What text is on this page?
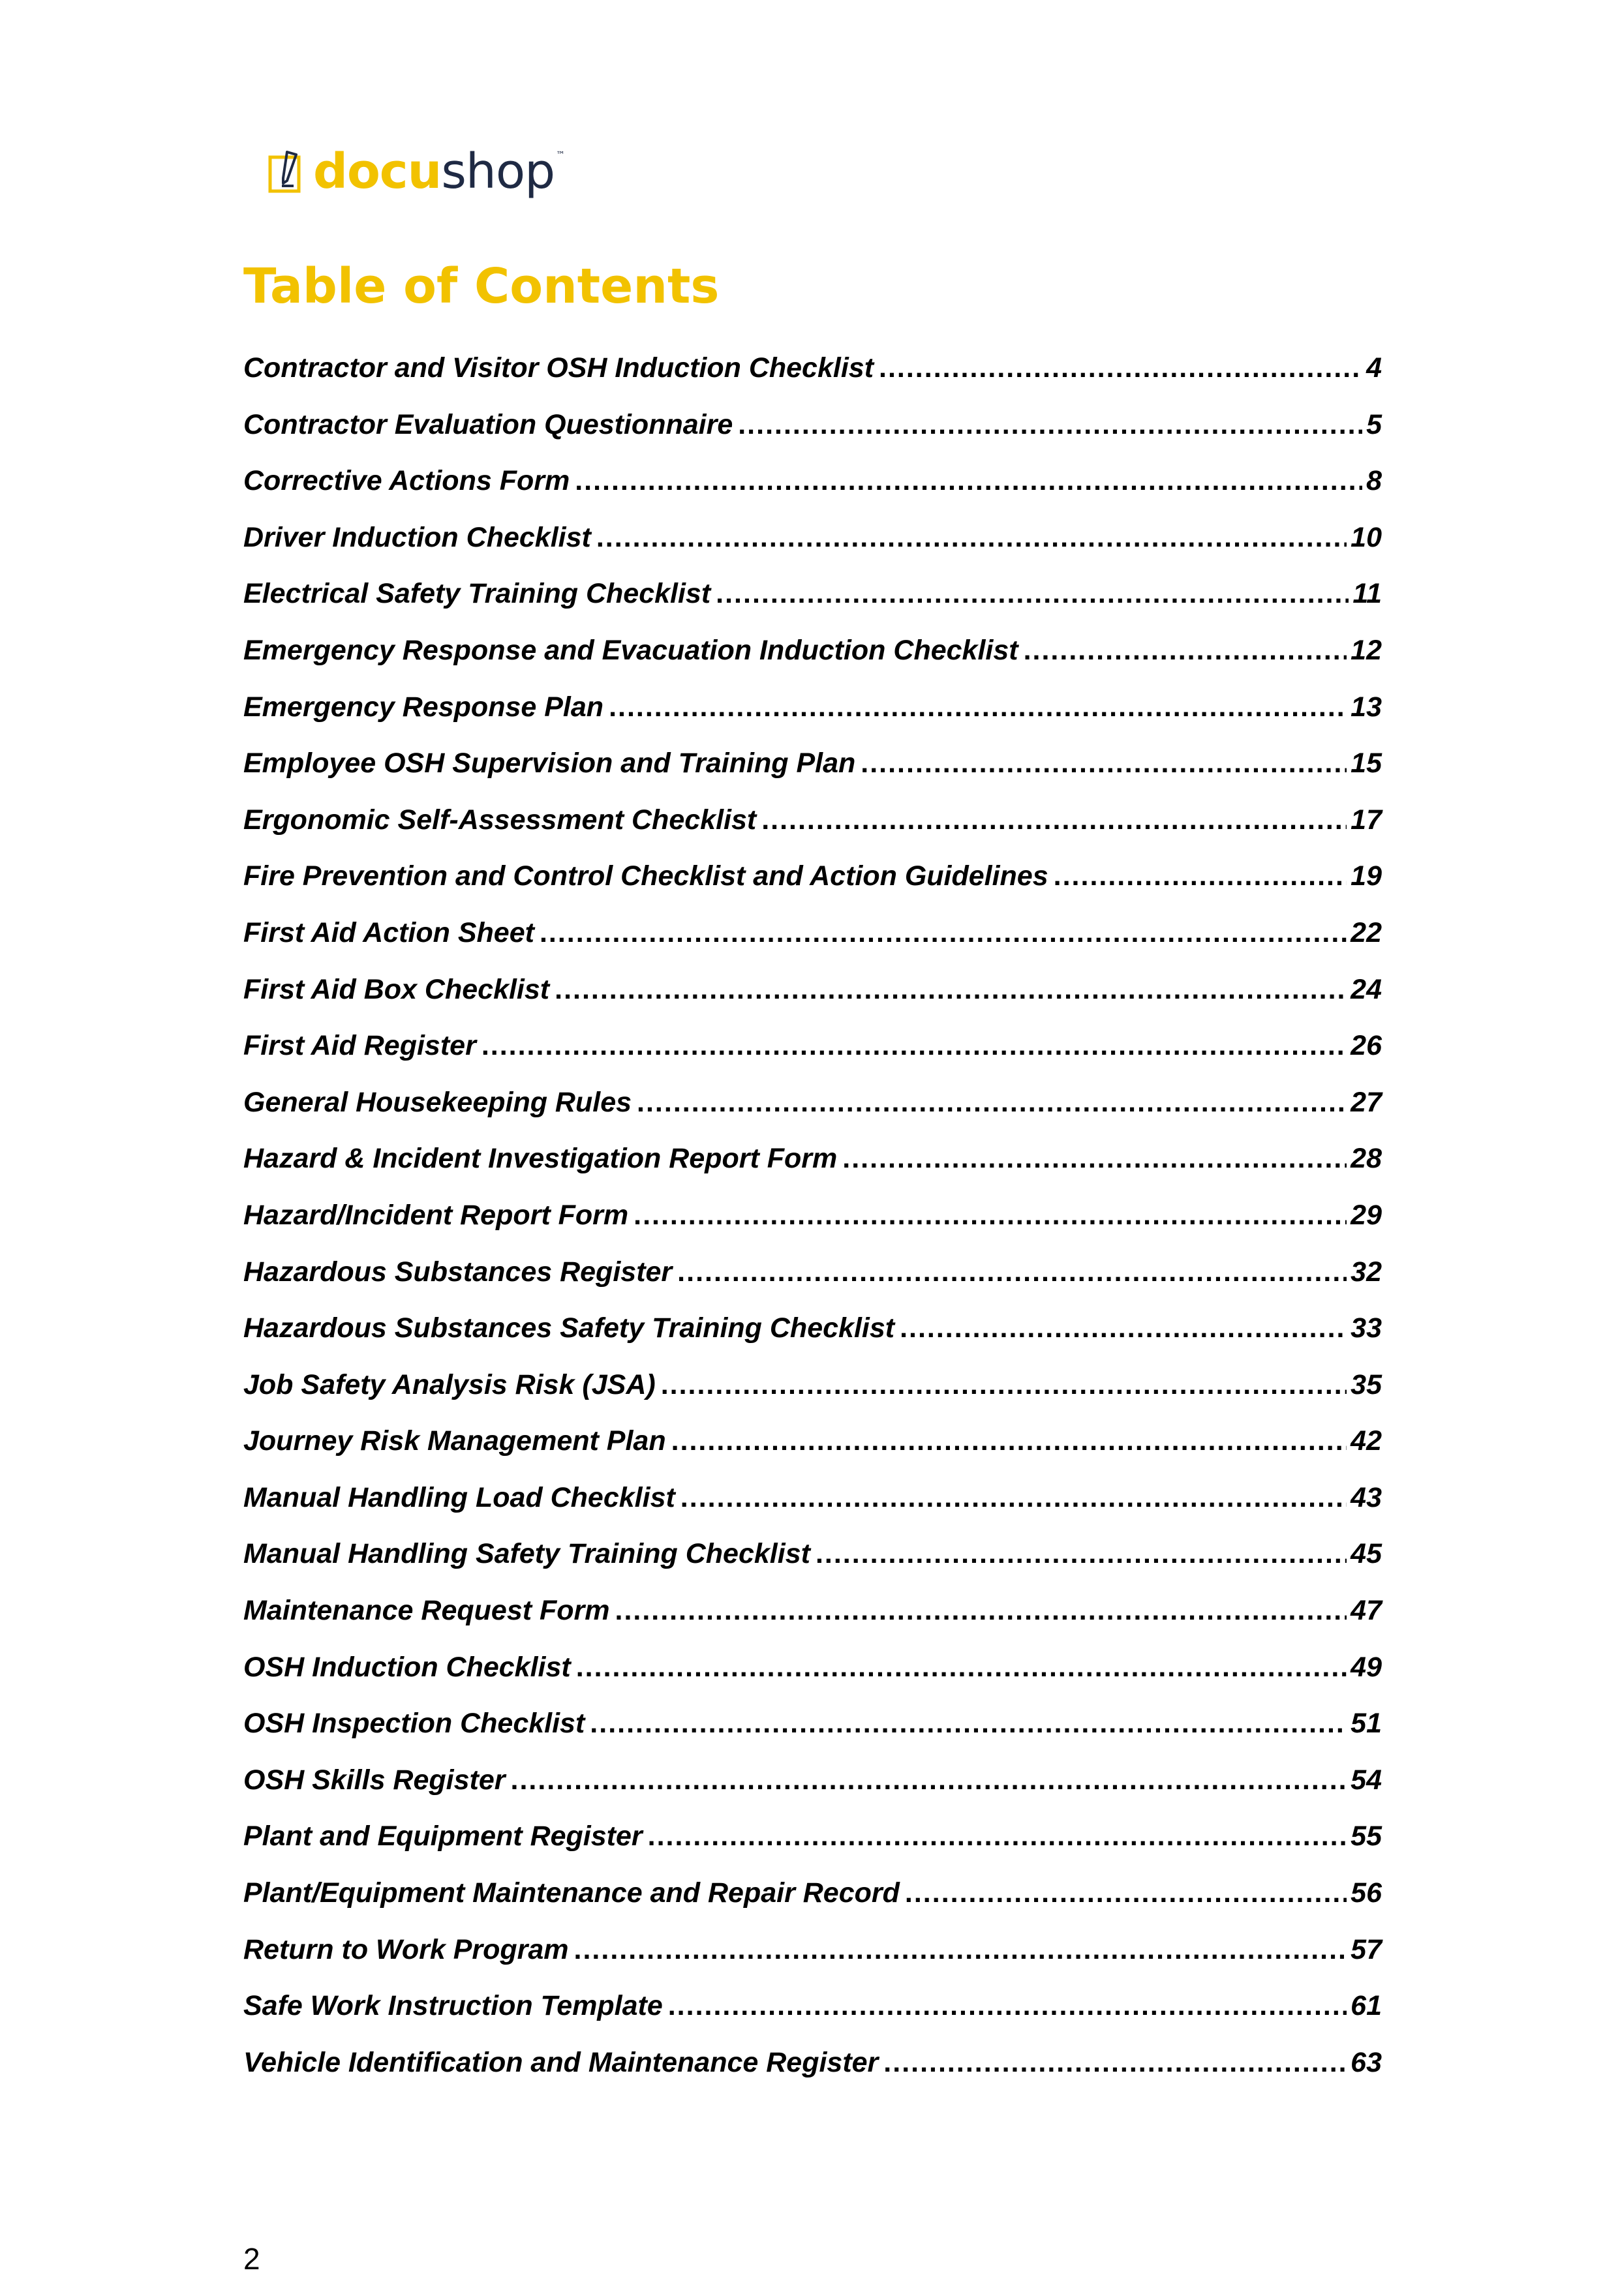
docushop ™
Table of Contents
Contractor and Visitor OSH Induction Checklist .....	4
Contractor Evaluation Questionnaire .....	5
Corrective Actions Form .....	8
Driver Induction Checklist .....	10
Electrical Safety Training Checklist .....	11
Emergency Response and Evacuation Induction Checklist .....	12
Emergency Response Plan .....	13
Employee OSH Supervision and Training Plan .....	15
Ergonomic Self-Assessment Checklist .....	17
Fire Prevention and Control Checklist and Action Guidelines .....	19
First Aid Action Sheet .....	22
First Aid Box Checklist .....	24
First Aid Register .....	26
General Housekeeping Rules .....	27
Hazard & Incident Investigation Report Form .....	28
Hazard/Incident Report Form .....	29
Hazardous Substances Register .....	32
Hazardous Substances Safety Training Checklist .....	33
Job Safety Analysis Risk (JSA) .....	35
Journey Risk Management Plan .....	42
Manual Handling Load Checklist .....	43
Manual Handling Safety Training Checklist .....	45
Maintenance Request Form .....	47
OSH Induction Checklist .....	49
OSH Inspection Checklist .....	51
OSH Skills Register .....	54
Plant and Equipment Register .....	55
Plant/Equipment Maintenance and Repair Record .....	56
Return to Work Program .....	57
Safe Work Instruction Template .....	61
Vehicle Identification and Maintenance Register .....	63
2
